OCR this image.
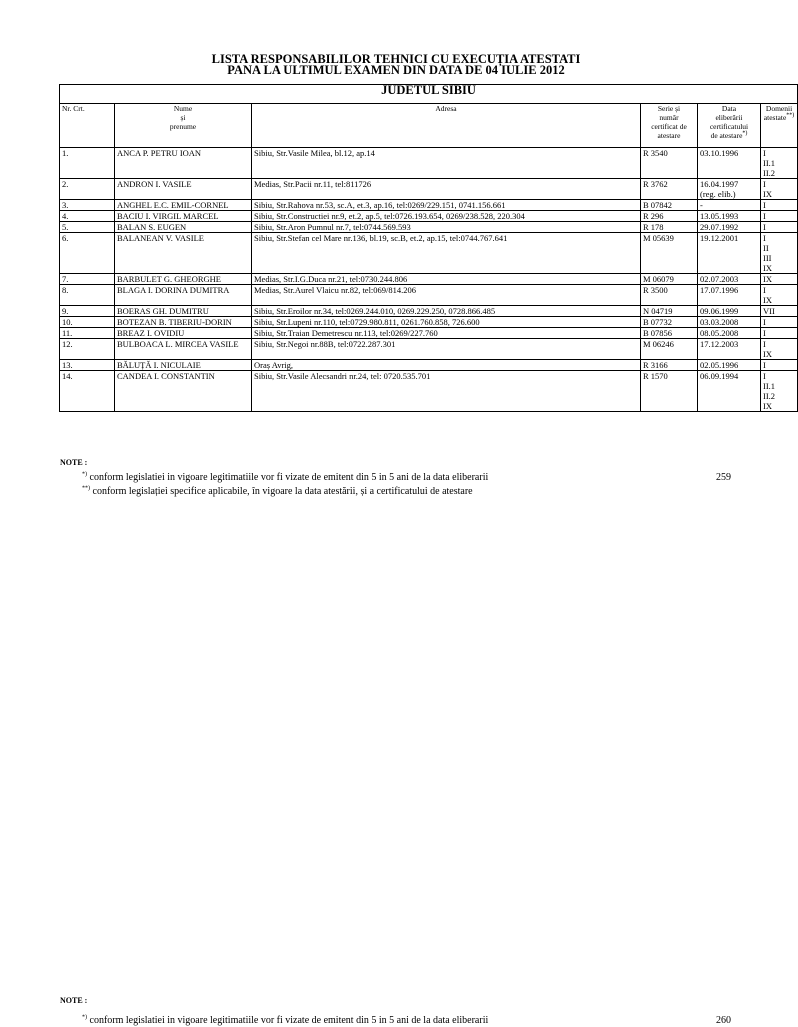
LISTA RESPONSABILILOR TEHNICI CU EXECUȚIA ATESTATI
PANA LA ULTIMUL EXAMEN DIN DATA DE 04 IULIE 2012
JUDETUL SIBIU					
Nr. Crt.	Nume
și
prenume	Adresa	Serie și
număr
certificat de
atestare	Data
eliberării
certificatului
de atestare*)	Domenii
atestate**)
1.	ANCA P. PETRU IOAN	Sibiu, Str.Vasile Milea, bl.12, ap.14	R 3540	03.10.1996	I
II.1
II.2
2.	ANDRON I. VASILE	Medias, Str.Pacii nr.11, tel:811726	R 3762	16.04.1997
(reg. elib.)	I
IX
3.	ANGHEL E.C. EMIL-CORNEL	Sibiu, Str.Rahova nr.53, sc.A, et.3, ap.16, tel:0269/229.151, 0741.156.661	B 07842	-	I
4.	BACIU I. VIRGIL MARCEL	Sibiu, Str.Constructiei nr.9, et.2, ap.5, tel:0726.193.654, 0269/238.528, 220.304	R 296	13.05.1993	I
5.	BALAN S. EUGEN	Sibiu, Str.Aron Pumnul nr.7, tel:0744.569.593	R 178	29.07.1992	I
6.	BALANEAN V. VASILE	Sibiu, Str.Stefan cel Mare nr.136, bl.19, sc.B, et.2, ap.15, tel:0744.767.641	M 05639	19.12.2001	I
II
III
IX
7.	BARBULET G. GHEORGHE	Medias, Str.I.G.Duca nr.21, tel:0730.244.806	M 06079	02.07.2003	IX
8.	BLAGA I. DORINA DUMITRA	Medias, Str.Aurel Vlaicu nr.82, tel:069/814.206	R 3500	17.07.1996	I
IX
9.	BOERAS GH. DUMITRU	Sibiu, Str.Eroilor nr.34, tel:0269.244.010, 0269.229.250, 0728.866.485	N 04719	09.06.1999	VII
10.	BOTEZAN B. TIBERIU-DORIN	Sibiu, Str.Lupeni nr.110, tel:0729.980.811, 0261.760.858, 726.600	B 07732	03.03.2008	I
11.	BREAZ I. OVIDIU	Sibiu, Str.Traian Demetrescu nr.113, tel:0269/227.760	B 07856	08.05.2008	I
12.	BULBOACA L. MIRCEA VASILE	Sibiu, Str.Negoi nr.88B, tel:0722.287.301	M 06246	17.12.2003	I
IX
13.	BĂLUȚĂ I. NICULAIE	Oraș Avrig,	R 3166	02.05.1996	I
14.	CANDEA I. CONSTANTIN	Sibiu, Str.Vasile Alecsandri nr.24, tel: 0720.535.701	R 1570	06.09.1994	I
II.1
II.2
IX
NOTE :
*) conform legislatiei in vigoare legitimatiile vor fi vizate de emitent din 5 in 5 ani de la data eliberarii
**) conform legislației specifice aplicabile, în vigoare la data atestării, și a certificatului de atestare
259
NOTE :
*) conform legislatiei in vigoare legitimatiile vor fi vizate de emitent din 5 in 5 ani de la data eliberarii	260
